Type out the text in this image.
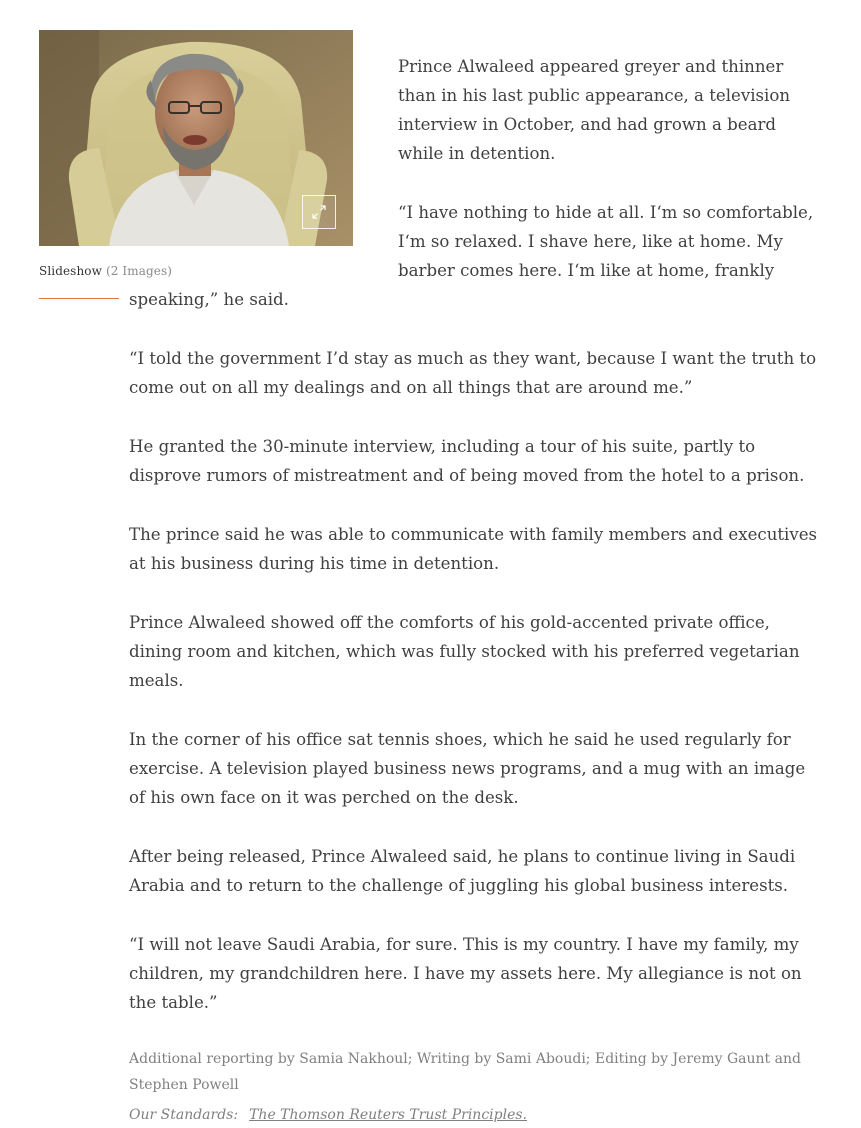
Slideshow (2 Images)

Prince Alwaleed appeared greyer and thinner than in his last public appearance, a television interview in October, and had grown a beard while in detention.

“I have nothing to hide at all. I‘m so comfortable, I‘m so relaxed. I shave here, like at home. My barber comes here. I‘m like at home, frankly speaking,” he said.

“I told the government I’d stay as much as they want, because I want the truth to come out on all my dealings and on all things that are around me.”

He granted the 30-minute interview, including a tour of his suite, partly to disprove rumors of mistreatment and of being moved from the hotel to a prison.

The prince said he was able to communicate with family members and executives at his business during his time in detention.

Prince Alwaleed showed off the comforts of his gold-accented private office, dining room and kitchen, which was fully stocked with his preferred vegetarian meals.

In the corner of his office sat tennis shoes, which he said he used regularly for exercise. A television played business news programs, and a mug with an image of his own face on it was perched on the desk.

After being released, Prince Alwaleed said, he plans to continue living in Saudi Arabia and to return to the challenge of juggling his global business interests.

“I will not leave Saudi Arabia, for sure. This is my country. I have my family, my children, my grandchildren here. I have my assets here. My allegiance is not on the table.”

Additional reporting by Samia Nakhoul; Writing by Sami Aboudi; Editing by Jeremy Gaunt and Stephen Powell
Our Standards: The Thomson Reuters Trust Principles.
